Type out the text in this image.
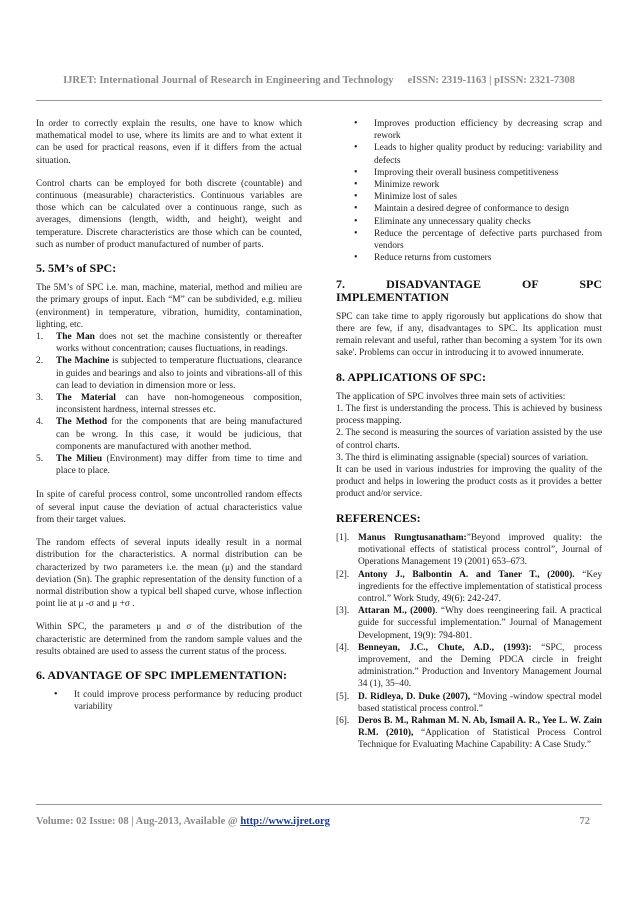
IJRET: International Journal of Research in Engineering and Technology eISSN: 2319-1163 | pISSN: 2321-7308

In order to correctly explain the results, one have to know which mathematical model to use, where its limits are and to what extent it can be used for practical reasons, even if it differs from the actual situation.

Control charts can be employed for both discrete (countable) and continuous (measurable) characteristics. Continuous variables are those which can be calculated over a continuous range, such as averages, dimensions (length, width, and height), weight and temperature. Discrete characteristics are those which can be counted, such as number of product manufactured of number of parts.

5. 5M’s of SPC:

The 5M’s of SPC i.e. man, machine, material, method and milieu are the primary groups of input. Each “M” can be subdivided, e.g. milieu (environment) in temperature, vibration, humidity, contamination, lighting, etc.

1. The Man does not set the machine consistently or thereafter works without concentration; causes fluctuations, in readings.
2. The Machine is subjected to temperature fluctuations, clearance in guides and bearings and also to joints and vibrations-all of this can lead to deviation in dimension more or less.
3. The Material can have non-homogeneous composition, inconsistent hardness, internal stresses etc.
4. The Method for the components that are being manufactured can be wrong. In this case, it would be judicious, that components are manufactured with another method.
5. The Milieu (Environment) may differ from time to time and place to place.

In spite of careful process control, some uncontrolled random effects of several input cause the deviation of actual characteristics value from their target values.

The random effects of several inputs ideally result in a normal distribution for the characteristics. A normal distribution can be characterized by two parameters i.e. the mean (μ) and the standard deviation (Sn). The graphic representation of the density function of a normal distribution show a typical bell shaped curve, whose inflection point lie at μ -σ and μ +σ .

Within SPC, the parameters μ and σ of the distribution of the characteristic are determined from the random sample values and the results obtained are used to assess the current status of the process.

6. ADVANTAGE OF SPC IMPLEMENTATION:
• It could improve process performance by reducing product variability
• Improves production efficiency by decreasing scrap and rework
• Leads to higher quality product by reducing: variability and defects
• Improving their overall business competitiveness
• Minimize rework
• Minimize lost of sales
• Maintain a desired degree of conformance to design
• Eliminate any unnecessary quality checks
• Reduce the percentage of defective parts purchased from vendors
• Reduce returns from customers
7. DISADVANTAGE OF SPC IMPLEMENTATION

SPC can take time to apply rigorously but applications do show that there are few, if any, disadvantages to SPC. Its application must remain relevant and useful, rather than becoming a system 'for its own sake'. Problems can occur in introducing it to avowed innumerate.

8. APPLICATIONS OF SPC:
The application of SPC involves three main sets of activities:
1. The first is understanding the process. This is achieved by business process mapping.
2. The second is measuring the sources of variation assisted by the use of control charts.
3. The third is eliminating assignable (special) sources of variation.

It can be used in various industries for improving the quality of the product and helps in lowering the product costs as it provides a better product and/or service.

REFERENCES:
[1]. Manus Rungtusanatham:”Beyond improved quality: the motivational effects of statistical process control”, Journal of Operations Management 19 (2001) 653–673.
[2]. Antony J., Balbontin A. and Taner T., (2000). “Key ingredients for the effective implementation of statistical process control.” Work Study, 49(6): 242-247.
[3]. Attaran M., (2000). “Why does reengineering fail. A practical guide for successful implementation.” Journal of Management Development, 19(9): 794-801.
[4]. Benneyan, J.C., Chute, A.D., (1993): “SPC, process improvement, and the Deming PDCA circle in freight administration.” Production and Inventory Management Journal 34 (1), 35–40.
[5]. D. Ridleya, D. Duke (2007), “Moving -window spectral model based statistical process control.”
[6]. Deros B. M., Rahman M. N. Ab, Ismail A. R., Yee L. W. Zain R.M. (2010), “Application of Statistical Process Control Technique for Evaluating Machine Capability: A Case Study.”
Volume: 02 Issue: 08 | Aug-2013, Available @ http://www.ijret.org	72
